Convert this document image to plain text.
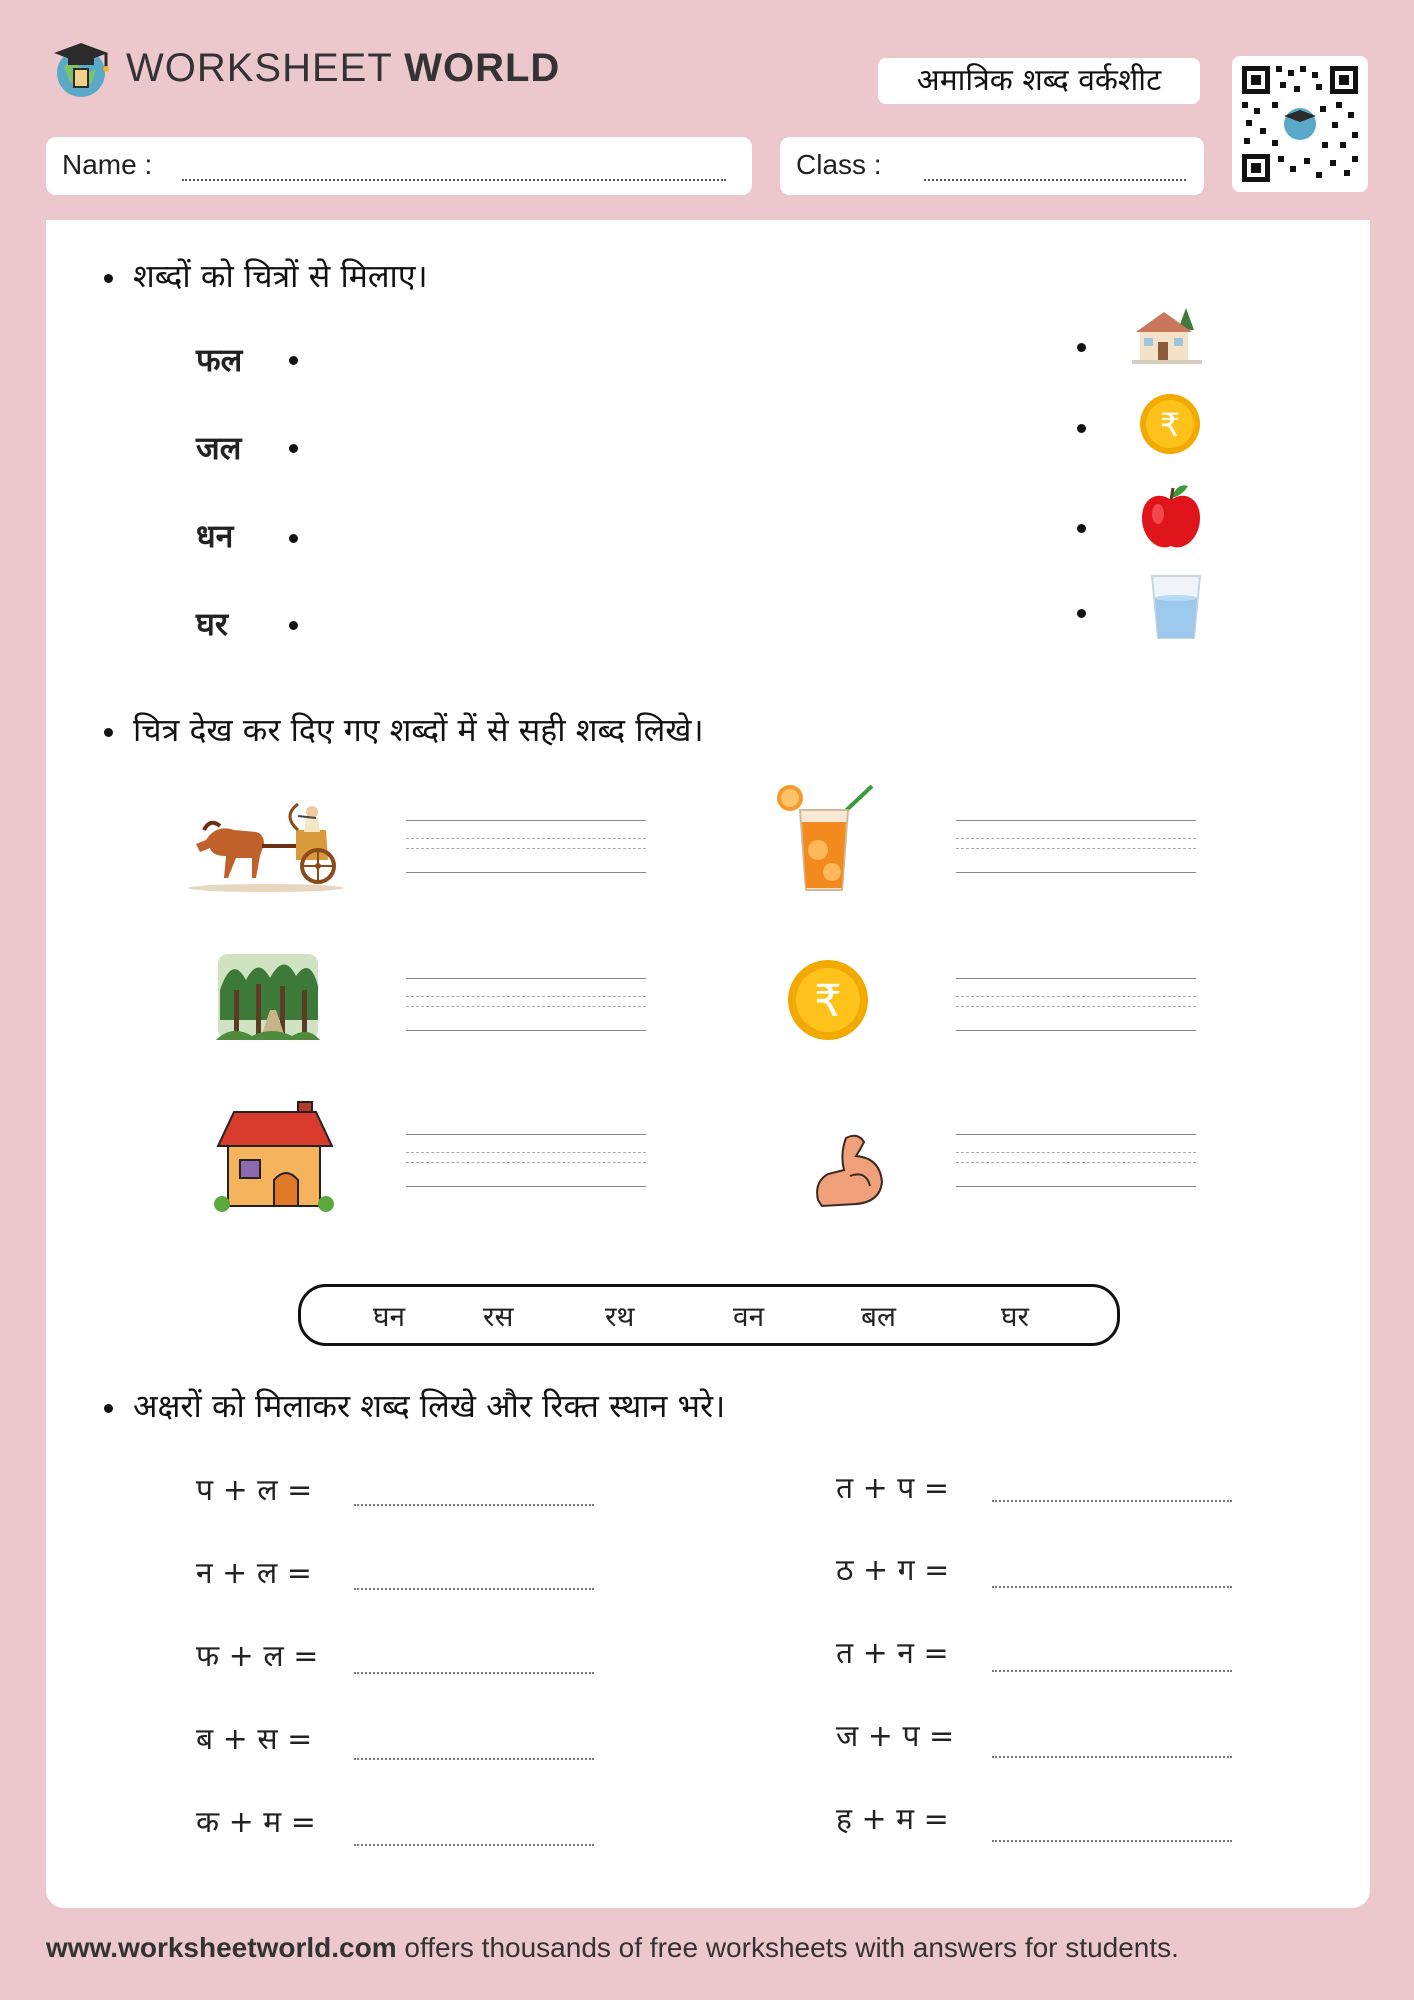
WORKSHEET WORLD	अमात्रिक शब्द वर्कशीट
Name :	Class :
शब्दों को चित्रों से मिलाए।
फल
जल
धन
घर
₹
चित्र देख कर दिए गए शब्दों में से सही शब्द लिखे।
₹
घन	रस	रथ	वन	बल	घर
अक्षरों को मिलाकर शब्द लिखे और रिक्त स्थान भरे।
प + ल =
न + ल =
फ + ल =
ब + स =
क + म =
त + प =
ठ + ग =
त + न =
ज + प =
ह + म =
www.worksheetworld.com offers thousands of free worksheets with answers for students.
